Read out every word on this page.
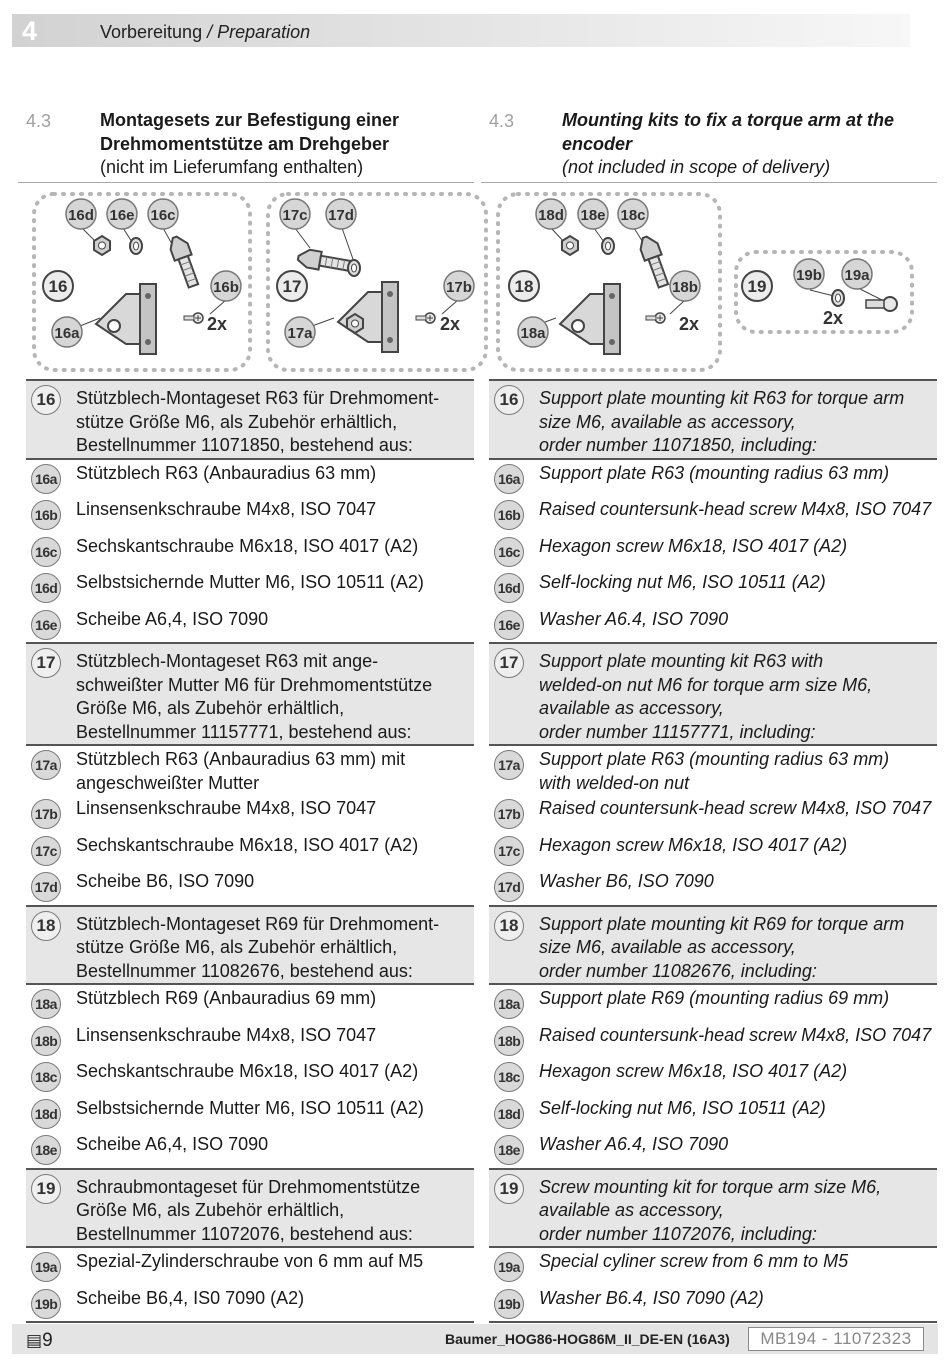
4	Vorbereitung / Preparation
4.3	Montagesets zur Befestigung einer
Drehmomentstütze am Drehgeber
(nicht im Lieferumfang enthalten)
4.3	Mounting kits to fix a torque arm at the
encoder
(not included in scope of delivery)
16d 16e 16c
16	16b
16a	2x
17c 17d
17	17b
17a	2x
18d 18e 18c
18	18b
18a	2x
19
19b 19a
2x
16	Stützblech-Montageset R63 für Drehmoment-
stütze Größe M6, als Zubehör erhältlich,
Bestellnummer 11071850, bestehend aus:
16a Stützblech R63 (Anbauradius 63 mm)
16b Linsensenkschraube M4x8, ISO 7047
16c Sechskantschraube M6x18, ISO 4017 (A2)
16d Selbstsichernde Mutter M6, ISO 10511 (A2)
16e Scheibe A6,4, ISO 7090
17	Stützblech-Montageset R63 mit ange-
schweißter Mutter M6 für Drehmomentstütze
Größe M6, als Zubehör erhältlich,
Bestellnummer 11157771, bestehend aus:
17a Stützblech R63 (Anbauradius 63 mm) mit
angeschweißter Mutter
17b Linsensenkschraube M4x8, ISO 7047
17c Sechskantschraube M6x18, ISO 4017 (A2)
17d Scheibe B6, ISO 7090
18	Stützblech-Montageset R69 für Drehmoment-
stütze Größe M6, als Zubehör erhältlich,
Bestellnummer 11082676, bestehend aus:
18a Stützblech R69 (Anbauradius 69 mm)
18b Linsensenkschraube M4x8, ISO 7047
18c Sechskantschraube M6x18, ISO 4017 (A2)
18d Selbstsichernde Mutter M6, ISO 10511 (A2)
18e Scheibe A6,4, ISO 7090
19	Schraubmontageset für Drehmomentstütze
Größe M6, als Zubehör erhältlich,
Bestellnummer 11072076, bestehend aus:
19a Spezial-Zylinderschraube von 6 mm auf M5
19b Scheibe B6,4, IS0 7090 (A2)
16	Support plate mounting kit R63 for torque arm
size M6, available as accessory,
order number 11071850, including:
16a Support plate R63 (mounting radius 63 mm)
16b Raised countersunk-head screw M4x8, ISO 7047
16c Hexagon screw M6x18, ISO 4017 (A2)
16d Self-locking nut M6, ISO 10511 (A2)
16e Washer A6.4, ISO 7090
17	Support plate mounting kit R63 with
welded-on nut M6 for torque arm size M6,
available as accessory,
order number 11157771, including:
17a Support plate R63 (mounting radius 63 mm)
with welded-on nut
17b Raised countersunk-head screw M4x8, ISO 7047
17c Hexagon screw M6x18, ISO 4017 (A2)
17d Washer B6, ISO 7090
18	Support plate mounting kit R69 for torque arm
size M6, available as accessory,
order number 11082676, including:
18a Support plate R69 (mounting radius 69 mm)
18b Raised countersunk-head screw M4x8, ISO 7047
18c Hexagon screw M6x18, ISO 4017 (A2)
18d Self-locking nut M6, ISO 10511 (A2)
18e Washer A6.4, ISO 7090
19	Screw mounting kit for torque arm size M6,
available as accessory,
order number 11072076, including:
19a Special cyliner screw from 6 mm to M5
19b Washer B6.4, IS0 7090 (A2)
▤9	Baumer_HOG86-HOG86M_II_DE-EN (16A3)	MB194 - 11072323
